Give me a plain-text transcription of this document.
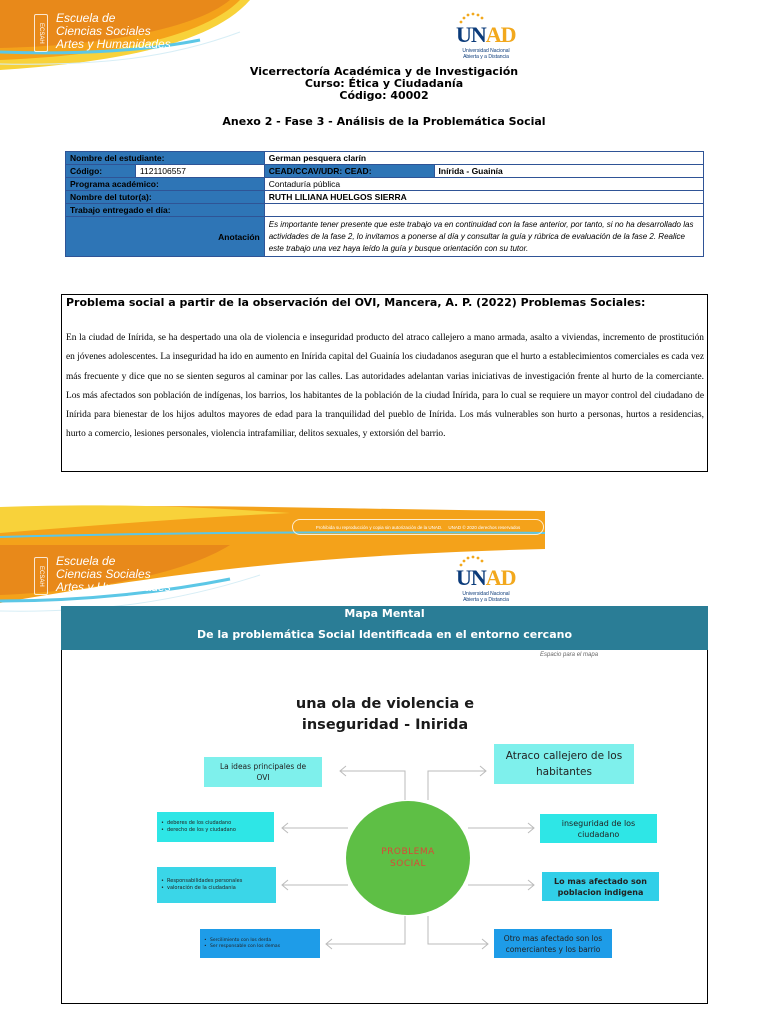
ECSAH
Escuela de
Ciencias Sociales
Artes y Humanidades	UNAD
Universidad Nacional Abierta y a Distancia
Vicerrectoría Académica y de Investigación
Curso: Ética y Ciudadanía
Código: 40002
Anexo 2 - Fase 3 - Análisis de la Problemática Social
Nombre del estudiante:		German pesquera clarín	
Código:	1121106557	CEAD/CCAV/UDR: CEAD:	Inírida - Guainía
Programa académico:		Contaduría pública	
Nombre del tutor(a):		RUTH LILIANA HUELGOS SIERRA	
Trabajo entregado el día:			
Anotación		Es importante tener presente que este trabajo va en continuidad con la fase anterior, por tanto, si no ha desarrollado las actividades de la fase 2, lo invitamos a ponerse al día y consultar la guía y rúbrica de evaluación de la fase 2. Realice este trabajo una vez haya leído la guía y busque orientación con su tutor.	
Problema social a partir de la observación del OVI, Mancera, A. P. (2022) Problemas Sociales:
En la ciudad de Inírida, se ha despertado una ola de violencia e inseguridad producto del atraco callejero a mano armada, asalto a viviendas, incremento de prostitución en jóvenes adolescentes. La inseguridad ha ido en aumento en Inírida capital del Guainía los ciudadanos aseguran que el hurto a establecimientos comerciales es cada vez más frecuente y dice que no se sienten seguros al caminar por las calles. Las autoridades adelantan varias iniciativas de investigación frente al hurto de la comerciante. Los más afectados son población de indígenas, los barrios, los habitantes de la población de la ciudad Inírida, para lo cual se requiere un mayor control del ciudadano de Inírida para bienestar de los hijos adultos mayores de edad para la tranquilidad del pueblo de Inírida. Los más vulnerables son hurto a personas, hurtos a residencias, hurto a comercio, lesiones personales, violencia intrafamiliar, delitos sexuales, y extorsión del barrio.
Prohibida su reproducción y copia sin autorización de la UNAD. UNAD © 2020 derechos reservados
ECSAH
Escuela de
Ciencias Sociales
Artes y Humanidades	UNAD
Universidad Nacional Abierta y a Distancia
Mapa Mental
De la problemática Social Identificada en el entorno cercano
Espacio para el mapa
una ola de violencia e
inseguridad - Inirida
PROBLEMA
SOCIAL
La ideas principales de
OVI
• deberes de los ciudadano
• derecho de los y ciudadano
• Responsabilidades personales
• valoración de la ciudadania
• Sercilimiento con los derda
• Ser responsable con los demas
Atraco callejero de los
habitantes
inseguridad de los
ciudadano
Lo mas afectado son
poblacion indigena
Otro mas afectado son los
comerciantes y los barrio
